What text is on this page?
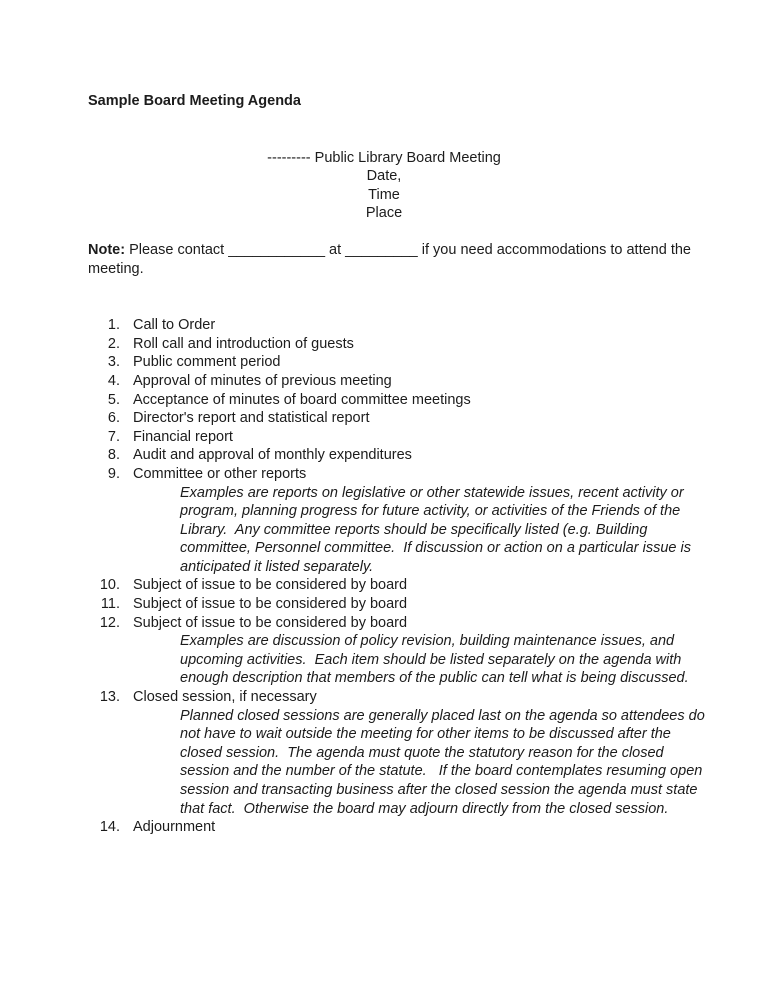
Sample Board Meeting Agenda
--------- Public Library Board Meeting
Date,
Time
Place

Note: Please contact ____________ at _________ if you need accommodations to attend the
meeting.

1. Call to Order
2. Roll call and introduction of guests
3. Public comment period
4. Approval of minutes of previous meeting
5. Acceptance of minutes of board committee meetings
6. Director's report and statistical report
7. Financial report
8. Audit and approval of monthly expenditures
9. Committee or other reports
Examples are reports on legislative or other statewide issues, recent activity or
program, planning progress for future activity, or activities of the Friends of the
Library.  Any committee reports should be specifically listed (e.g. Building
committee, Personnel committee.  If discussion or action on a particular issue is
anticipated it listed separately.
10. Subject of issue to be considered by board
11. Subject of issue to be considered by board
12. Subject of issue to be considered by board
Examples are discussion of policy revision, building maintenance issues, and
upcoming activities.  Each item should be listed separately on the agenda with
enough description that members of the public can tell what is being discussed.
13. Closed session, if necessary
Planned closed sessions are generally placed last on the agenda so attendees do
not have to wait outside the meeting for other items to be discussed after the
closed session.  The agenda must quote the statutory reason for the closed
session and the number of the statute.   If the board contemplates resuming open
session and transacting business after the closed session the agenda must state
that fact.  Otherwise the board may adjourn directly from the closed session.
14. Adjournment
